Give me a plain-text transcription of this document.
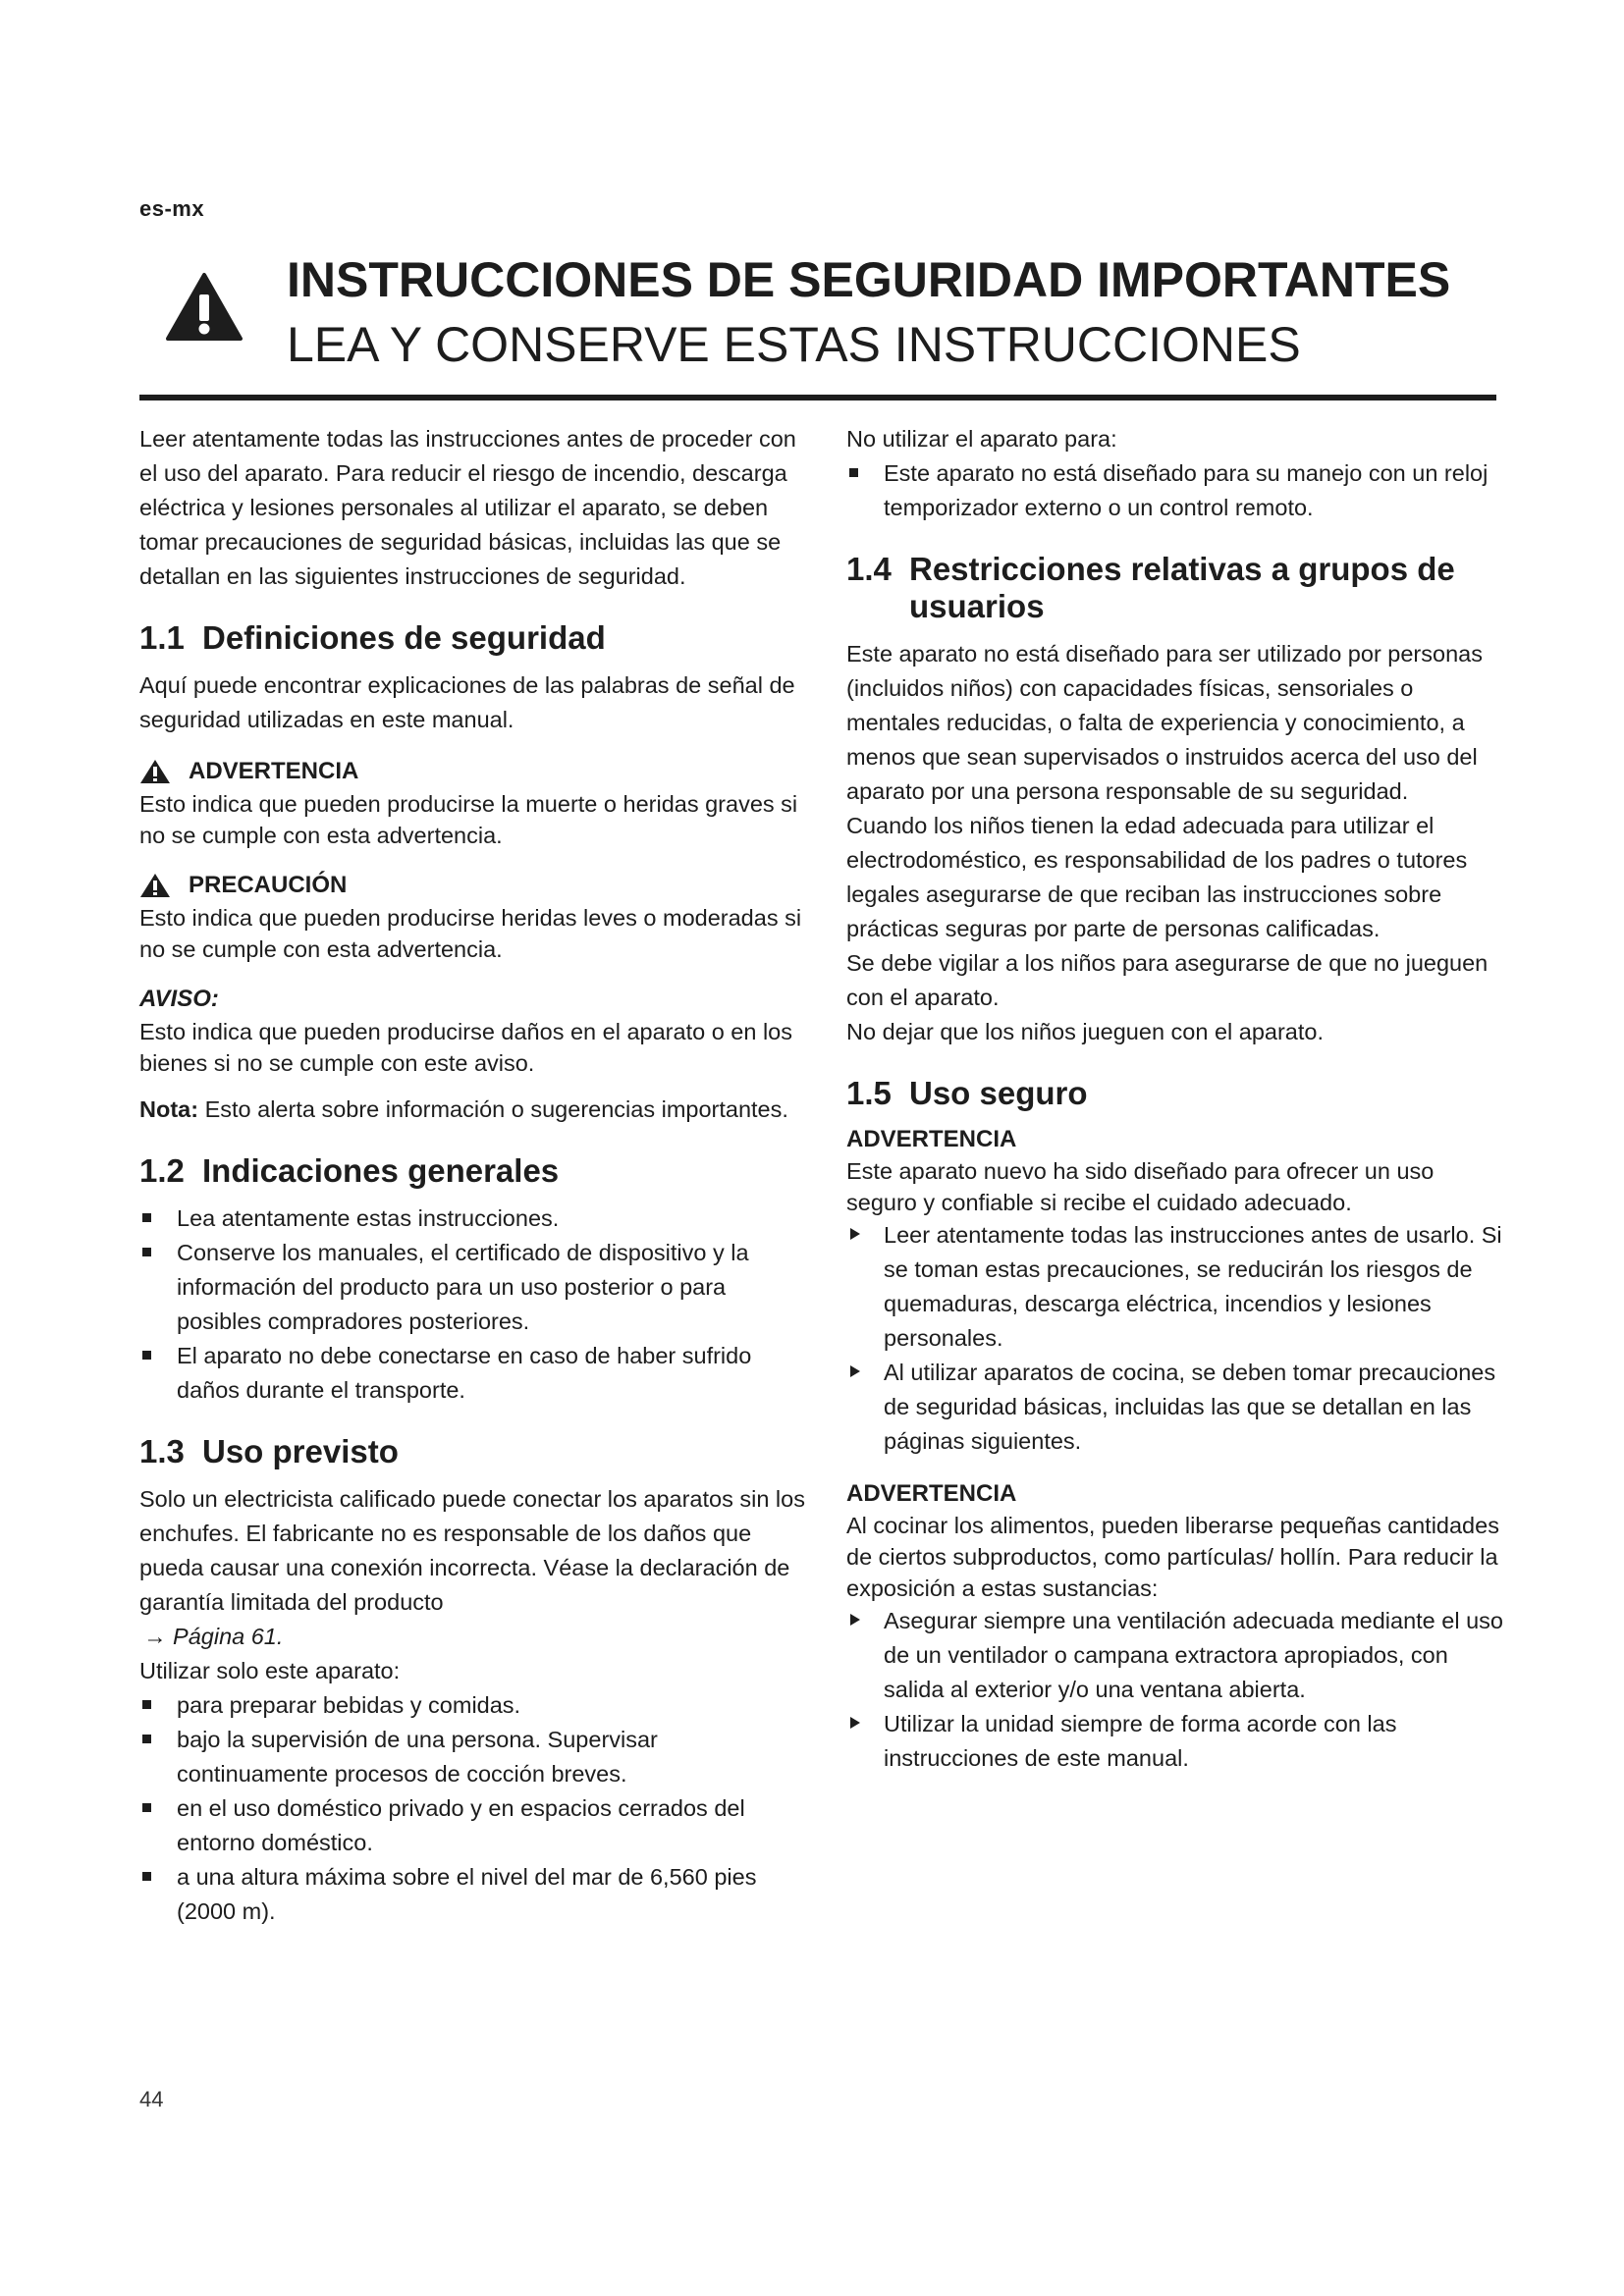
es-mx
INSTRUCCIONES DE SEGURIDAD IMPORTANTES
LEA Y CONSERVE ESTAS INSTRUCCIONES

Leer atentamente todas las instrucciones antes de proceder con el uso del aparato. Para reducir el riesgo de incendio, descarga eléctrica y lesiones personales al utilizar el aparato, se deben tomar precauciones de seguridad básicas, incluidas las que se detallan en las siguientes instrucciones de seguridad.

1.1 Definiciones de seguridad

Aquí puede encontrar explicaciones de las palabras de señal de seguridad utilizadas en este manual.

ADVERTENCIA
Esto indica que pueden producirse la muerte o heridas graves si no se cumple con esta advertencia.
PRECAUCIÓN
Esto indica que pueden producirse heridas leves o moderadas si no se cumple con esta advertencia.
AVISO:
Esto indica que pueden producirse daños en el aparato o en los bienes si no se cumple con este aviso.

Nota: Esto alerta sobre información o sugerencias importantes.

1.2 Indicaciones generales
Lea atentamente estas instrucciones.
Conserve los manuales, el certificado de dispositivo y la información del producto para un uso posterior o para posibles compradores posteriores.
El aparato no debe conectarse en caso de haber sufrido daños durante el transporte.
1.3 Uso previsto

Solo un electricista calificado puede conectar los aparatos sin los enchufes. El fabricante no es responsable de los daños que pueda causar una conexión incorrecta. Véase la declaración de garantía limitada del producto

→ Página 61.

Utilizar solo este aparato:

para preparar bebidas y comidas.
bajo la supervisión de una persona. Supervisar continuamente procesos de cocción breves.
en el uso doméstico privado y en espacios cerrados del entorno doméstico.
a una altura máxima sobre el nivel del mar de 6,560 pies (2000 m).

No utilizar el aparato para:

Este aparato no está diseñado para su manejo con un reloj temporizador externo o un control remoto.
1.4 Restricciones relativas a grupos de usuarios

Este aparato no está diseñado para ser utilizado por personas (incluidos niños) con capacidades físicas, sensoriales o mentales reducidas, o falta de experiencia y conocimiento, a menos que sean supervisados o instruidos acerca del uso del aparato por una persona responsable de su seguridad.

Cuando los niños tienen la edad adecuada para utilizar el electrodoméstico, es responsabilidad de los padres o tutores legales asegurarse de que reciban las instrucciones sobre prácticas seguras por parte de personas calificadas.

Se debe vigilar a los niños para asegurarse de que no jueguen con el aparato.

No dejar que los niños jueguen con el aparato.

1.5 Uso seguro
ADVERTENCIA
Este aparato nuevo ha sido diseñado para ofrecer un uso seguro y confiable si recibe el cuidado adecuado.
Leer atentamente todas las instrucciones antes de usarlo. Si se toman estas precauciones, se reducirán los riesgos de quemaduras, descarga eléctrica, incendios y lesiones personales.
Al utilizar aparatos de cocina, se deben tomar precauciones de seguridad básicas, incluidas las que se detallan en las páginas siguientes.
ADVERTENCIA
Al cocinar los alimentos, pueden liberarse pequeñas cantidades de ciertos subproductos, como partículas/ hollín. Para reducir la exposición a estas sustancias:
Asegurar siempre una ventilación adecuada mediante el uso de un ventilador o campana extractora apropiados, con salida al exterior y/o una ventana abierta.
Utilizar la unidad siempre de forma acorde con las instrucciones de este manual.
44
